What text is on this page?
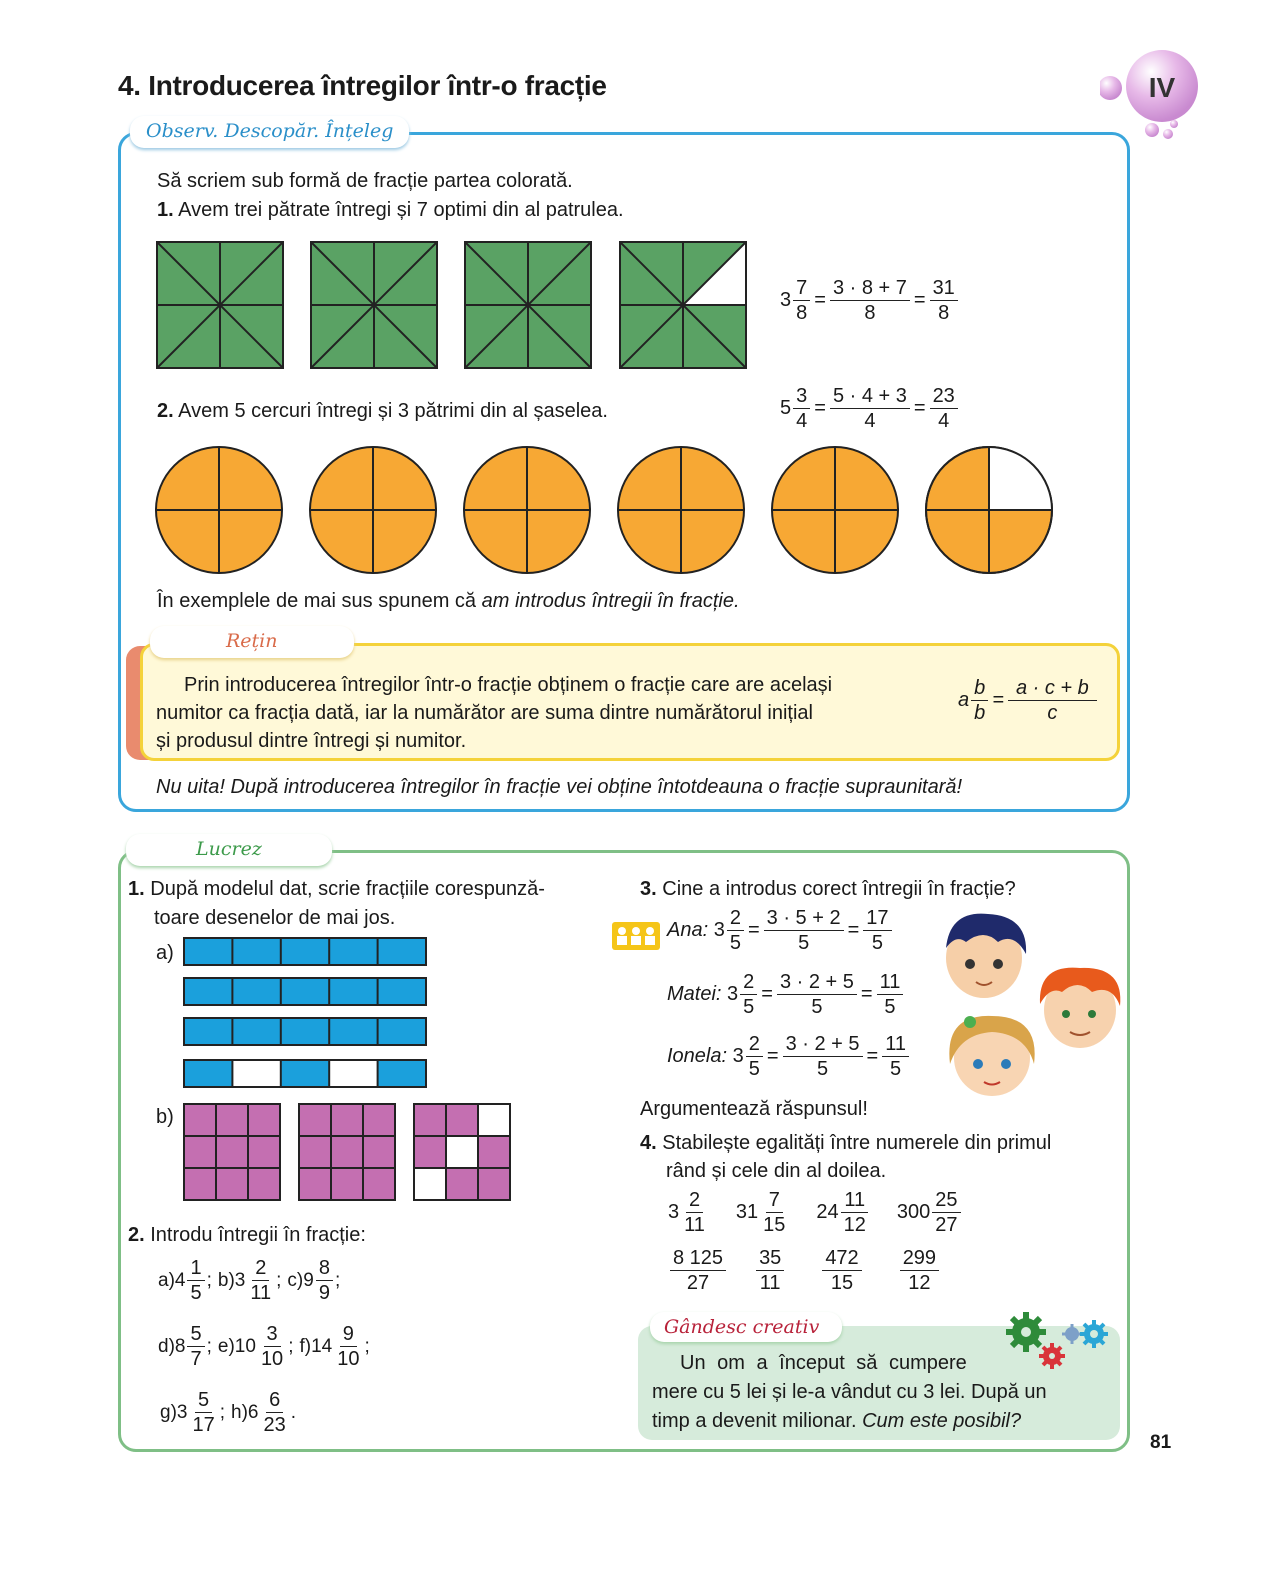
4. Introducerea întregilor într-o fracție	IV
Observ. Descopăr. Înțeleg
Să scriem sub formă de fracție partea colorată.
1. Avem trei pătrate întregi și 7 optimi din al patrulea.
$3 \frac{7}{8} = \frac{3 \cdot 8 + 7}{8} = \frac{31}{8}$
2. Avem 5 cercuri întregi și 3 pătrimi din al șaselea.	$5 \frac{3}{4} = \frac{5 \cdot 4 + 3}{4} = \frac{23}{4}$
În exemplele de mai sus spunem că am introdus întregii în fracție.
Rețin
Prin introducerea întregilor într-o fracție obținem o fracție care are același
numitor ca fracția dată, iar la numărător are suma dintre numărătorul inițial
și produsul dintre întregi și numitor.
a $\frac{b}{b} = \frac{a \cdot c + b}{c}$
Nu uita! După introducerea întregilor în fracție vei obține întotdeauna o fracție supraunitară!
Lucrez
1. După modelul dat, scrie fracțiile corespunză-
toare desenelor de mai jos.
a)
b)
2. Introdu întregii în fracție:
a) 4
1
5
; b) 3
2
11
; c) 9
8
9
;
d) 8
5
7
; e) 10
3
10
; f) 14
9
10
;
g) 3
5
17
; h) 6
6
23
.
3. Cine a introdus corect întregii în fracție?
Ana:
$3 \frac{2}{5} = \frac{3 \cdot 5 + 2}{5} = \frac{17}{5}$
Matei:
$3 \frac{2}{5} = \frac{3 \cdot 2 + 5}{5} = \frac{11}{5}$
Ionela:
$3 \frac{2}{5} = \frac{3 \cdot 2 + 5}{5} = \frac{11}{5}$
Argumentează răspunsul!
4. Stabilește egalități între numerele din primul
rând și cele din al doilea.
3
2
11
31
7
15
24
11
12
300
25
27
8 125
27
35
11
472
15
299
12
Gândesc creativ
Un om a început să cumpere
mere cu 5 lei și le-a vândut cu 3 lei. După un
timp a devenit milionar. Cum este posibil?
81
